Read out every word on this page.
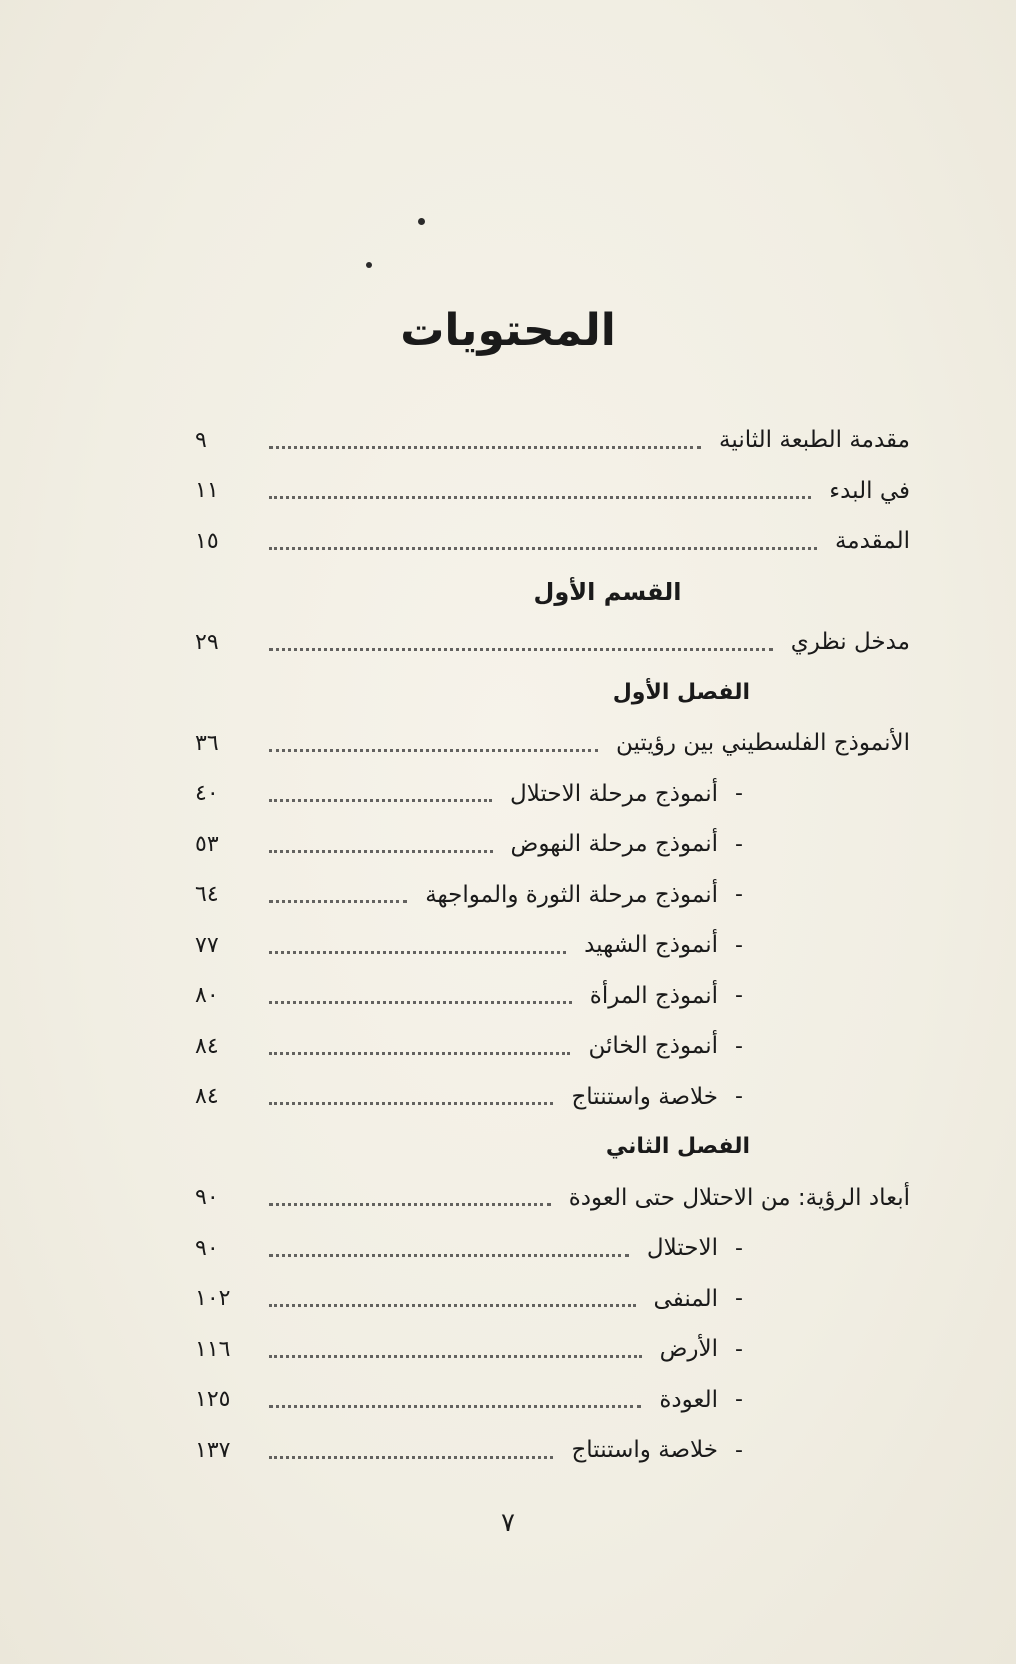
المحتويات
مقدمة الطبعة الثانية
٩
في البدء
١١
المقدمة
١٥
القسم الأول
مدخل نظري
٢٩
الفصل الأول
الأنموذج الفلسطيني بين رؤيتين
٣٦
-
أنموذج مرحلة الاحتلال
٤٠
-
أنموذج مرحلة النهوض
٥٣
-
أنموذج مرحلة الثورة والمواجهة
٦٤
-
أنموذج الشهيد
٧٧
-
أنموذج المرأة
٨٠
-
أنموذج الخائن
٨٤
-
خلاصة واستنتاج
٨٤
الفصل الثاني
أبعاد الرؤية: من الاحتلال حتى العودة
٩٠
-
الاحتلال
٩٠
-
المنفى
١٠٢
-
الأرض
١١٦
-
العودة
١٢٥
-
خلاصة واستنتاج
١٣٧

٧
